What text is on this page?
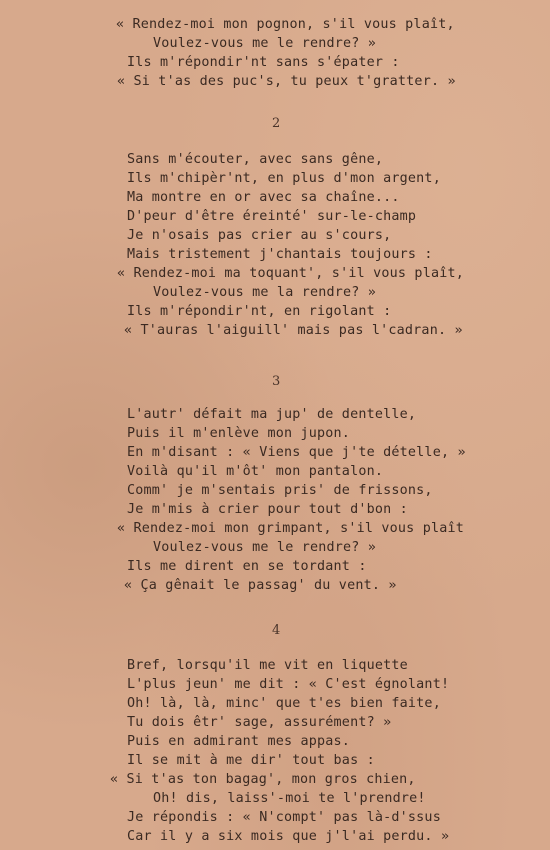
« Rendez-moi mon pognon, s'il vous plaît,
Voulez-vous me le rendre? »
Ils m'répondir'nt sans s'épater :
« Si t'as des puc's, tu peux t'gratter. »
2
Sans m'écouter, avec sans gêne,
Ils m'chipèr'nt, en plus d'mon argent,
Ma montre en or avec sa chaîne...
D'peur d'être éreinté' sur-le-champ
Je n'osais pas crier au s'cours,
Mais tristement j'chantais toujours :
« Rendez-moi ma toquant', s'il vous plaît,
Voulez-vous me la rendre? »
Ils m'répondir'nt, en rigolant :
« T'auras l'aiguill' mais pas l'cadran. »
3
L'autr' défait ma jup' de dentelle,
Puis il m'enlève mon jupon.
En m'disant : « Viens que j'te dételle, »
Voilà qu'il m'ôt' mon pantalon.
Comm' je m'sentais pris' de frissons,
Je m'mis à crier pour tout d'bon :
« Rendez-moi mon grimpant, s'il vous plaît
Voulez-vous me le rendre? »
Ils me dirent en se tordant :
« Ça gênait le passag' du vent. »
4
Bref, lorsqu'il me vit en liquette
L'plus jeun' me dit : « C'est égnolant!
Oh! là, là, minc' que t'es bien faite,
Tu dois êtr' sage, assurément? »
Puis en admirant mes appas.
Il se mit à me dir' tout bas :
« Si t'as ton bagag', mon gros chien,
Oh! dis, laiss'-moi te l'prendre!
Je répondis : « N'compt' pas là-d'ssus
Car il y a six mois que j'l'ai perdu. »
